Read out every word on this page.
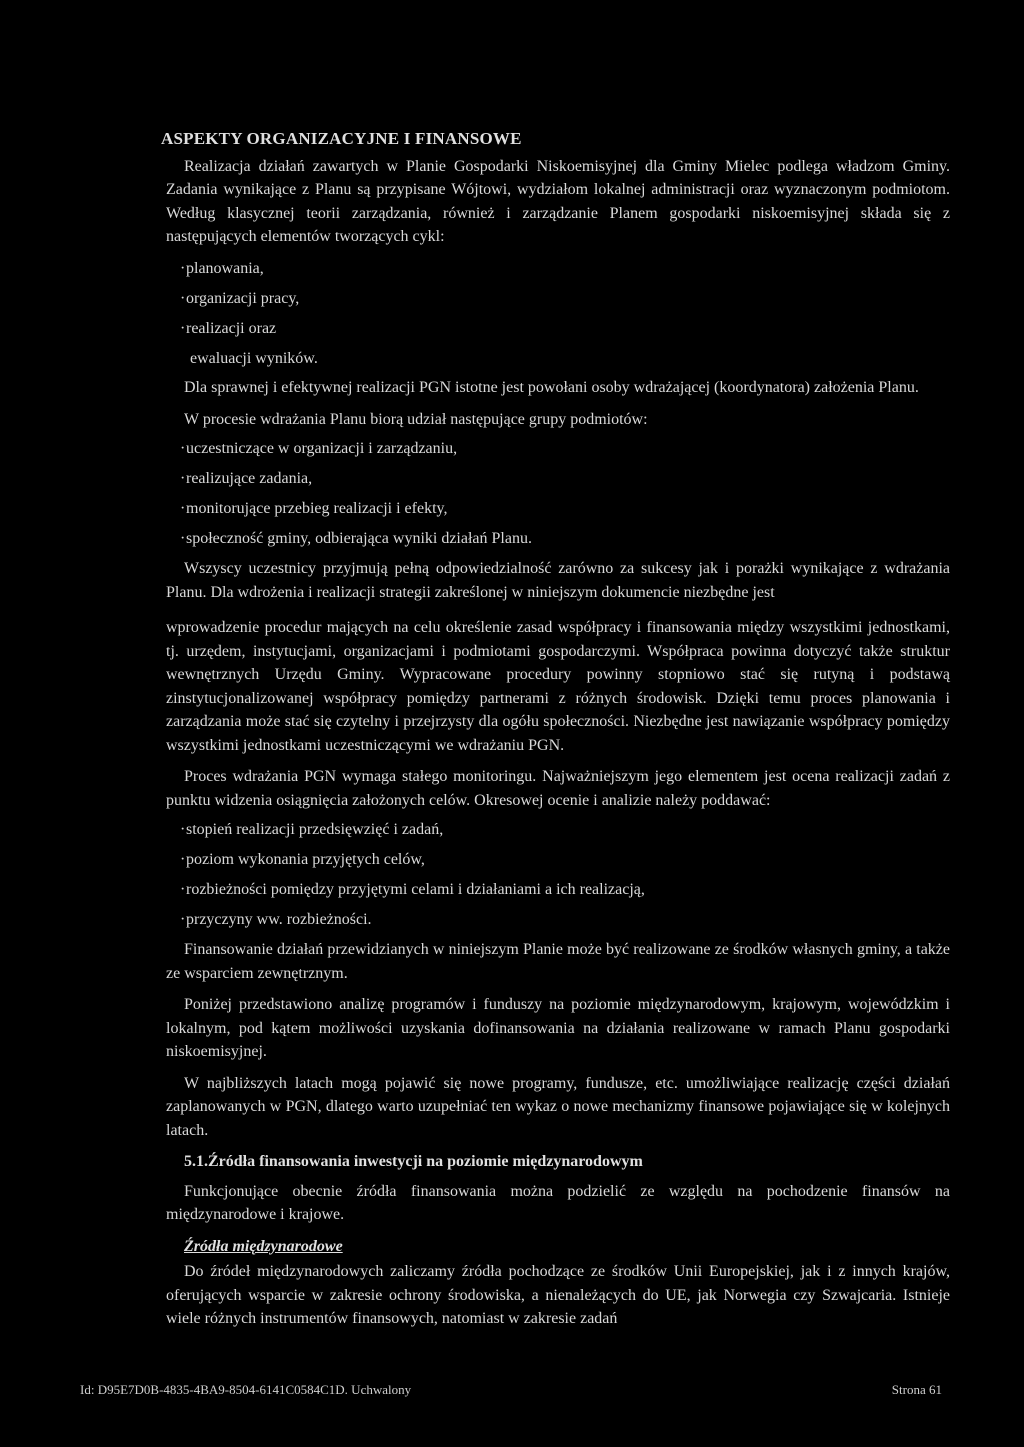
ASPEKTY ORGANIZACYJNE I FINANSOWE

Realizacja działań zawartych w Planie Gospodarki Niskoemisyjnej dla Gminy Mielec podlega władzom Gminy. Zadania wynikające z Planu są przypisane Wójtowi, wydziałom lokalnej administracji oraz wyznaczonym podmiotom. Według klasycznej teorii zarządzania, również i zarządzanie Planem gospodarki niskoemisyjnej składa się z następujących elementów tworzących cykl:

· planowania,
· organizacji pracy,
· realizacji oraz
ewaluacji wyników.

Dla sprawnej i efektywnej realizacji PGN istotne jest powołani osoby wdrażającej (koordynatora) założenia Planu.

W procesie wdrażania Planu biorą udział następujące grupy podmiotów:

· uczestniczące w organizacji i zarządzaniu,
· realizujące zadania,
· monitorujące przebieg realizacji i efekty,
· społeczność gminy, odbierająca wyniki działań Planu.

Wszyscy uczestnicy przyjmują pełną odpowiedzialność zarówno za sukcesy jak i porażki wynikające z wdrażania Planu. Dla wdrożenia i realizacji strategii zakreślonej w niniejszym dokumencie niezbędne jest

wprowadzenie procedur mających na celu określenie zasad współpracy i finansowania między wszystkimi jednostkami, tj. urzędem, instytucjami, organizacjami i podmiotami gospodarczymi. Współpraca powinna dotyczyć także struktur wewnętrznych Urzędu Gminy. Wypracowane procedury powinny stopniowo stać się rutyną i podstawą zinstytucjonalizowanej współpracy pomiędzy partnerami z różnych środowisk. Dzięki temu proces planowania i zarządzania może stać się czytelny i przejrzysty dla ogółu społeczności. Niezbędne jest nawiązanie współpracy pomiędzy wszystkimi jednostkami uczestniczącymi we wdrażaniu PGN.

Proces wdrażania PGN wymaga stałego monitoringu. Najważniejszym jego elementem jest ocena realizacji zadań z punktu widzenia osiągnięcia założonych celów. Okresowej ocenie i analizie należy poddawać:

· stopień realizacji przedsięwzięć i zadań,
· poziom wykonania przyjętych celów,
· rozbieżności pomiędzy przyjętymi celami i działaniami a ich realizacją,
· przyczyny ww. rozbieżności.

Finansowanie działań przewidzianych w niniejszym Planie może być realizowane ze środków własnych gminy, a także ze wsparciem zewnętrznym.

Poniżej przedstawiono analizę programów i funduszy na poziomie międzynarodowym, krajowym, wojewódzkim i lokalnym, pod kątem możliwości uzyskania dofinansowania na działania realizowane w ramach Planu gospodarki niskoemisyjnej.

W najbliższych latach mogą pojawić się nowe programy, fundusze, etc. umożliwiające realizację części działań zaplanowanych w PGN, dlatego warto uzupełniać ten wykaz o nowe mechanizmy finansowe pojawiające się w kolejnych latach.

5.1.Źródła finansowania inwestycji na poziomie międzynarodowym

Funkcjonujące obecnie źródła finansowania można podzielić ze względu na pochodzenie finansów na międzynarodowe i krajowe.

Źródła międzynarodowe

Do źródeł międzynarodowych zaliczamy źródła pochodzące ze środków Unii Europejskiej, jak i z innych krajów, oferujących wsparcie w zakresie ochrony środowiska, a nienależących do UE, jak Norwegia czy Szwajcaria. Istnieje wiele różnych instrumentów finansowych, natomiast w zakresie zadań

Id: D95E7D0B-4835-4BA9-8504-6141C0584C1D. Uchwalony	Strona 61
